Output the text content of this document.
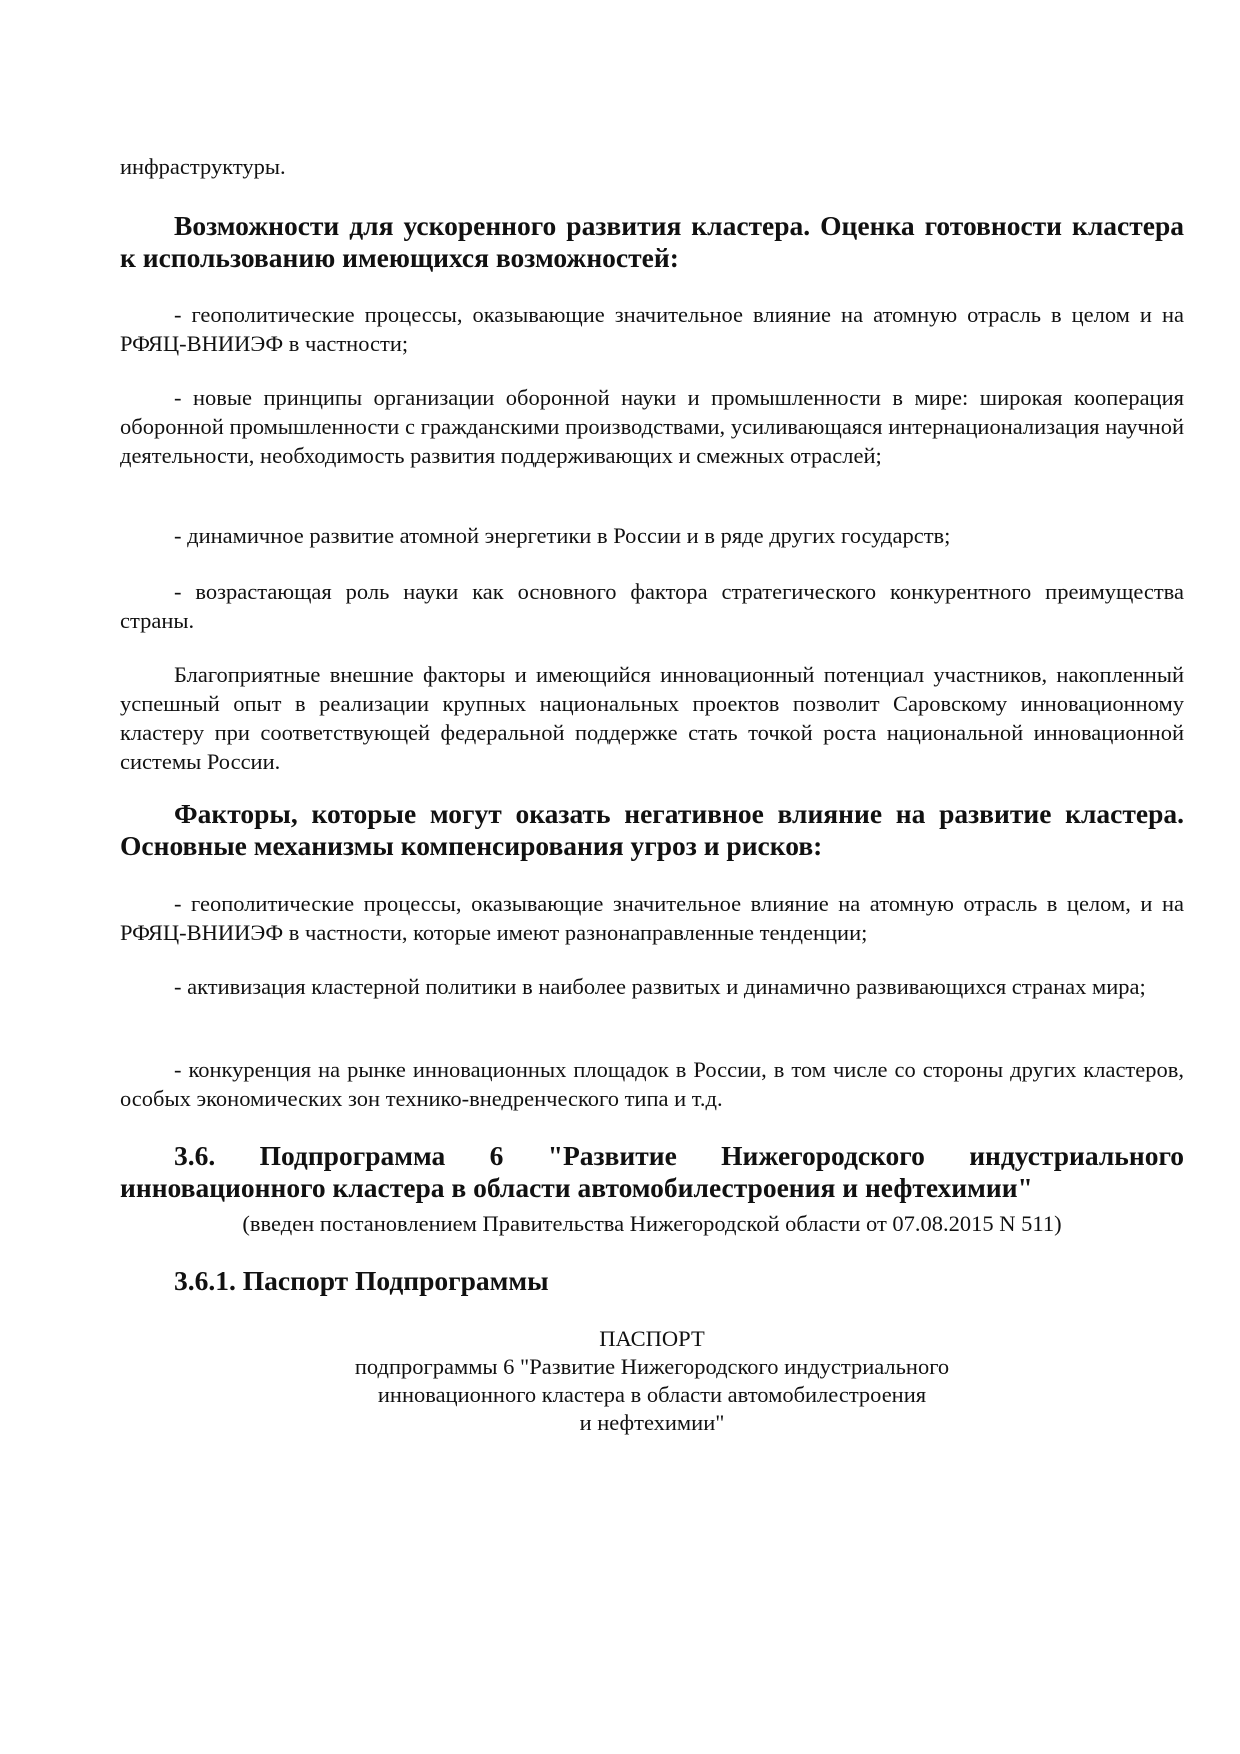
инфраструктуры.

Возможности для ускоренного развития кластера. Оценка готовности кластера к использованию имеющихся возможностей:

- геополитические процессы, оказывающие значительное влияние на атомную отрасль в целом и на РФЯЦ-ВНИИЭФ в частности;

- новые принципы организации оборонной науки и промышленности в мире: широкая кооперация оборонной промышленности с гражданскими производствами, усиливающаяся интернационализация научной деятельности, необходимость развития поддерживающих и смежных отраслей;

- динамичное развитие атомной энергетики в России и в ряде других государств;

- возрастающая роль науки как основного фактора стратегического конкурентного преимущества страны.

Благоприятные внешние факторы и имеющийся инновационный потенциал участников, накопленный успешный опыт в реализации крупных национальных проектов позволит Саровскому инновационному кластеру при соответствующей федеральной поддержке стать точкой роста национальной инновационной системы России.

Факторы, которые могут оказать негативное влияние на развитие кластера. Основные механизмы компенсирования угроз и рисков:

- геополитические процессы, оказывающие значительное влияние на атомную отрасль в целом, и на РФЯЦ-ВНИИЭФ в частности, которые имеют разнонаправленные тенденции;

- активизация кластерной политики в наиболее развитых и динамично развивающихся странах мира;

- конкуренция на рынке инновационных площадок в России, в том числе со стороны других кластеров, особых экономических зон технико-внедренческого типа и т.д.

3.6. Подпрограмма 6 "Развитие Нижегородского индустриального инновационного кластера в области автомобилестроения и нефтехимии"

(введен постановлением Правительства Нижегородской области от 07.08.2015 N 511)

3.6.1. Паспорт Подпрограммы

ПАСПОРТ

подпрограммы 6 "Развитие Нижегородского индустриального

инновационного кластера в области автомобилестроения

и нефтехимии"
